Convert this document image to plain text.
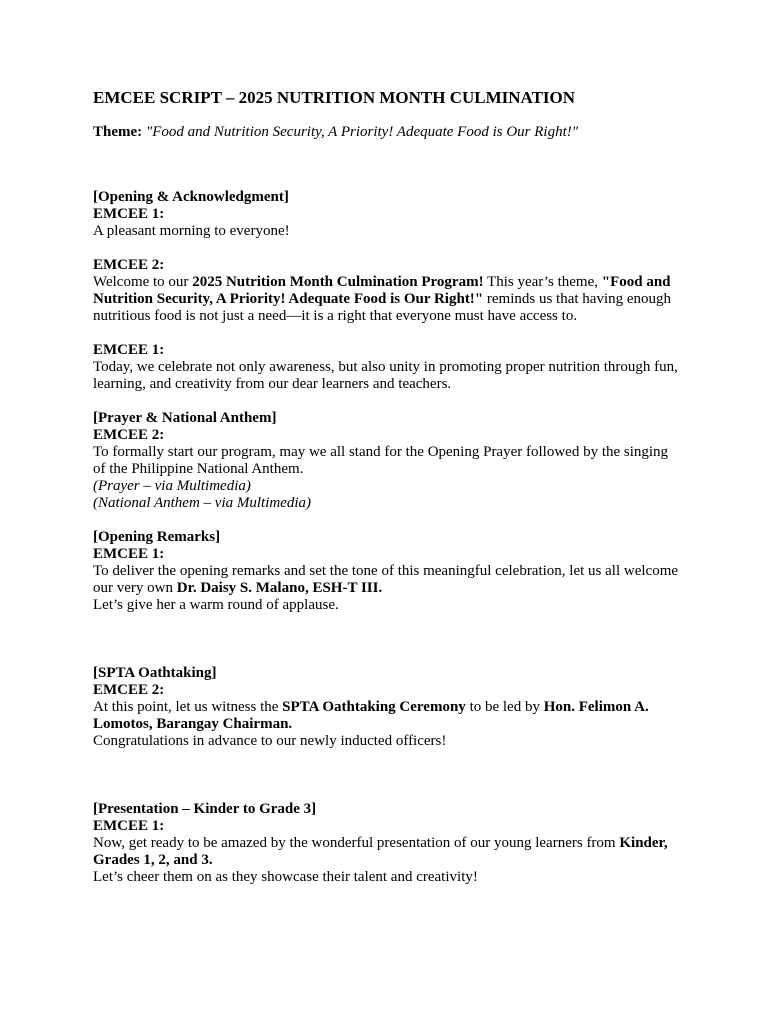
EMCEE SCRIPT – 2025 NUTRITION MONTH CULMINATION

Theme: "Food and Nutrition Security, A Priority! Adequate Food is Our Right!"

[Opening & Acknowledgment]
EMCEE 1:
A pleasant morning to everyone!
EMCEE 2:
Welcome to our 2025 Nutrition Month Culmination Program! This year’s theme, "Food and Nutrition Security, A Priority! Adequate Food is Our Right!" reminds us that having enough nutritious food is not just a need—it is a right that everyone must have access to.
EMCEE 1:
Today, we celebrate not only awareness, but also unity in promoting proper nutrition through fun, learning, and creativity from our dear learners and teachers.
[Prayer & National Anthem]
EMCEE 2:
To formally start our program, may we all stand for the Opening Prayer followed by the singing of the Philippine National Anthem.
(Prayer – via Multimedia)
(National Anthem – via Multimedia)
[Opening Remarks]
EMCEE 1:
To deliver the opening remarks and set the tone of this meaningful celebration, let us all welcome our very own Dr. Daisy S. Malano, ESH-T III.
Let’s give her a warm round of applause.
[SPTA Oathtaking]
EMCEE 2:
At this point, let us witness the SPTA Oathtaking Ceremony to be led by Hon. Felimon A. Lomotos, Barangay Chairman.
Congratulations in advance to our newly inducted officers!
[Presentation – Kinder to Grade 3]
EMCEE 1:
Now, get ready to be amazed by the wonderful presentation of our young learners from Kinder, Grades 1, 2, and 3.
Let’s cheer them on as they showcase their talent and creativity!
